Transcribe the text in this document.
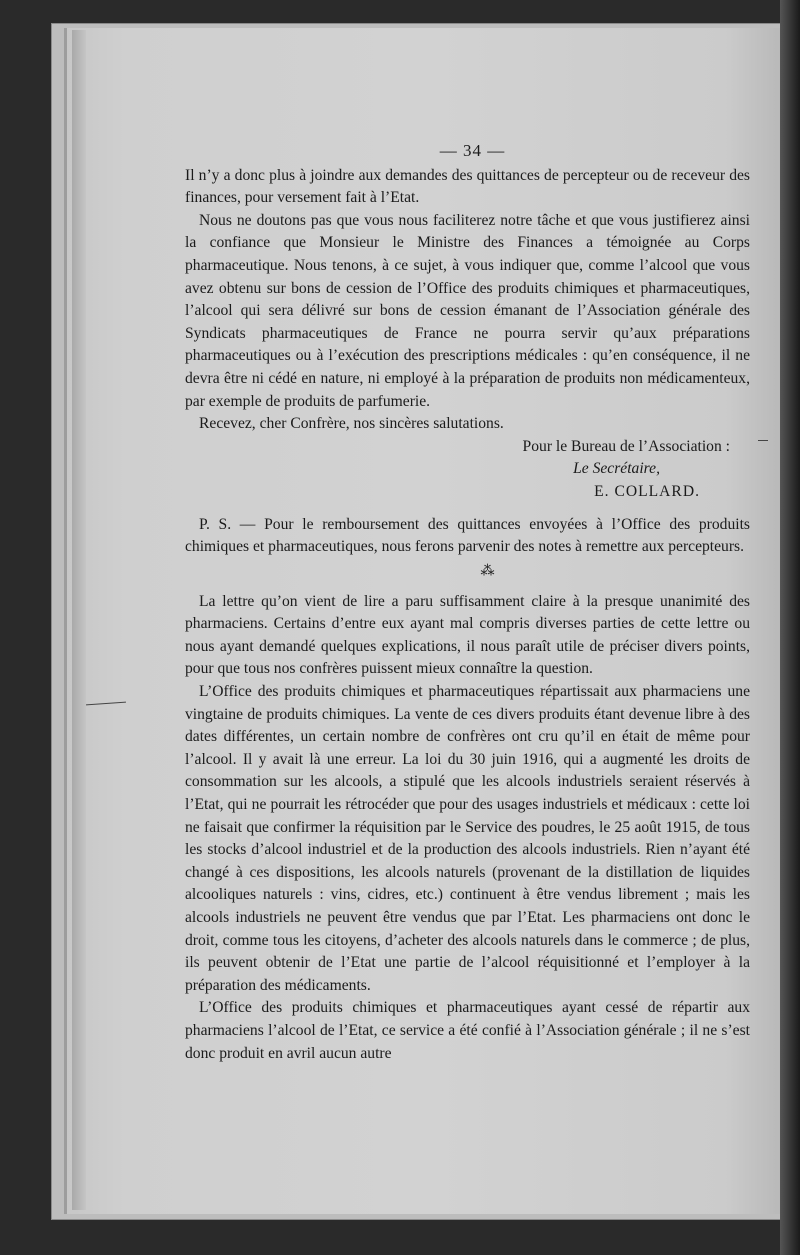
— 34 —

Il n’y a donc plus à joindre aux demandes des quittances de percepteur ou de receveur des finances, pour versement fait à l’Etat.

Nous ne doutons pas que vous nous faciliterez notre tâche et que vous justifierez ainsi la confiance que Monsieur le Ministre des Finances a témoignée au Corps pharmaceutique. Nous tenons, à ce sujet, à vous indiquer que, comme l’alcool que vous avez obtenu sur bons de cession de l’Office des produits chimiques et pharmaceutiques, l’alcool qui sera délivré sur bons de cession émanant de l’Association générale des Syndicats pharmaceutiques de France ne pourra servir qu’aux préparations pharmaceutiques ou à l’exécution des prescriptions médicales : qu’en conséquence, il ne devra être ni cédé en nature, ni employé à la préparation de produits non médicamenteux, par exemple de produits de parfumerie.

Recevez, cher Confrère, nos sincères salutations.

Pour le Bureau de l’Association :

Le Secrétaire,

E. COLLARD.

P. S. — Pour le remboursement des quittances envoyées à l’Office des produits chimiques et pharmaceutiques, nous ferons parvenir des notes à remettre aux percepteurs.

⁂

La lettre qu’on vient de lire a paru suffisamment claire à la presque unanimité des pharmaciens. Certains d’entre eux ayant mal compris diverses parties de cette lettre ou nous ayant demandé quelques explications, il nous paraît utile de préciser divers points, pour que tous nos confrères puissent mieux connaître la question.

L’Office des produits chimiques et pharmaceutiques répartissait aux pharmaciens une vingtaine de produits chimiques. La vente de ces divers produits étant devenue libre à des dates différentes, un certain nombre de confrères ont cru qu’il en était de même pour l’alcool. Il y avait là une erreur. La loi du 30 juin 1916, qui a augmenté les droits de consommation sur les alcools, a stipulé que les alcools industriels seraient réservés à l’Etat, qui ne pourrait les rétrocéder que pour des usages industriels et médicaux : cette loi ne faisait que confirmer la réquisition par le Service des poudres, le 25 août 1915, de tous les stocks d’alcool industriel et de la production des alcools industriels. Rien n’ayant été changé à ces dispositions, les alcools naturels (provenant de la distillation de liquides alcooliques naturels : vins, cidres, etc.) continuent à être vendus librement ; mais les alcools industriels ne peuvent être vendus que par l’Etat. Les pharmaciens ont donc le droit, comme tous les citoyens, d’acheter des alcools naturels dans le commerce ; de plus, ils peuvent obtenir de l’Etat une partie de l’alcool réquisitionné et l’employer à la préparation des médicaments.

L’Office des produits chimiques et pharmaceutiques ayant cessé de répartir aux pharmaciens l’alcool de l’Etat, ce service a été confié à l’Association générale ; il ne s’est donc produit en avril aucun autre
